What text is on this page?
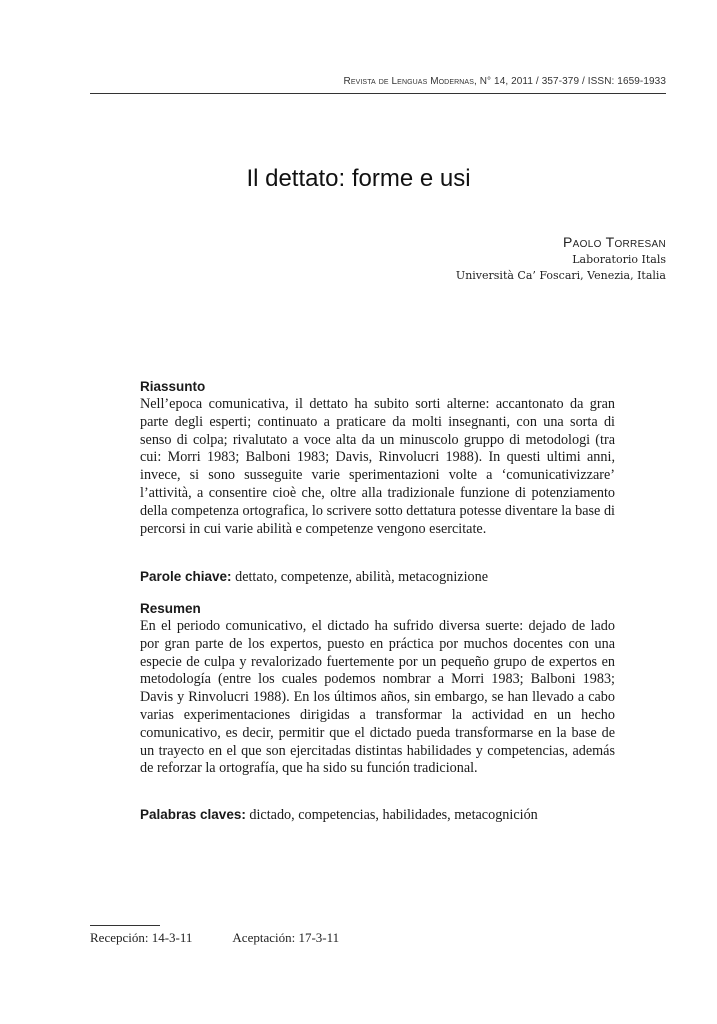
Revista de Lenguas Modernas, N° 14, 2011 / 357-379 / ISSN: 1659-1933
Il dettato: forme e usi
Paolo Torresan
Laboratorio Itals
Università Ca’ Foscari, Venezia, Italia

Riassunto

Nell’epoca comunicativa, il dettato ha subito sorti alterne: accantonato da gran parte degli esperti; continuato a praticare da molti insegnanti, con una sorta di senso di colpa; rivalutato a voce alta da un minuscolo gruppo di metodologi (tra cui: Morri 1983; Balboni 1983; Davis, Rinvolucri 1988). In questi ultimi anni, invece, si sono susseguite varie sperimentazioni volte a ‘comunicativizzare’ l’attività, a consentire cioè che, oltre alla tradizionale funzione di potenziamento della competenza ortografica, lo scrivere sotto dettatura potesse diventare la base di percorsi in cui varie abilità e competenze vengono esercitate.

Parole chiave: dettato, competenze, abilità, metacognizione

Resumen

En el periodo comunicativo, el dictado ha sufrido diversa suerte: dejado de lado por gran parte de los expertos, puesto en práctica por muchos docentes con una especie de culpa y revalorizado fuertemente por un pequeño grupo de expertos en metodología (entre los cuales podemos nombrar a Morri 1983; Balboni 1983; Davis y Rinvolucri 1988). En los últimos años, sin embargo, se han llevado a cabo varias experimentaciones dirigidas a transformar la actividad en un hecho comunicativo, es decir, permitir que el dictado pueda transformarse en la base de un trayecto en el que son ejercitadas distintas habilidades y competencias, además de reforzar la ortografía, que ha sido su función tradicional.

Palabras claves: dictado, competencias, habilidades, metacognición
Recepción: 14-3-11	Aceptación: 17-3-11
